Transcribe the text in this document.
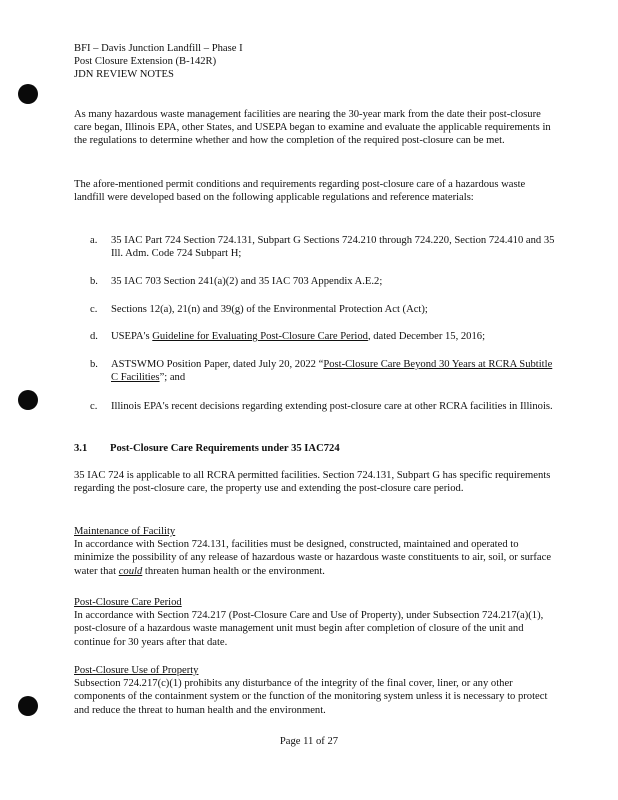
BFI – Davis Junction Landfill – Phase I
Post Closure Extension (B-142R)
JDN REVIEW NOTES
As many hazardous waste management facilities are nearing the 30-year mark from the date their post-closure care began, Illinois EPA, other States, and USEPA began to examine and evaluate the applicable requirements in the regulations to determine whether and how the completion of the required post-closure can be met.
The afore-mentioned permit conditions and requirements regarding post-closure care of a hazardous waste landfill were developed based on the following applicable regulations and reference materials:
a. 35 IAC Part 724 Section 724.131, Subpart G Sections 724.210 through 724.220, Section 724.410 and 35 Ill. Adm. Code 724 Subpart H;
b. 35 IAC 703 Section 241(a)(2) and 35 IAC 703 Appendix A.E.2;
c. Sections 12(a), 21(n) and 39(g) of the Environmental Protection Act (Act);
d. USEPA's Guideline for Evaluating Post-Closure Care Period, dated December 15, 2016;
b. ASTSWMO Position Paper, dated July 20, 2022 “Post-Closure Care Beyond 30 Years at RCRA Subtitle C Facilities”; and
c. Illinois EPA's recent decisions regarding extending post-closure care at other RCRA facilities in Illinois.
3.1 Post-Closure Care Requirements under 35 IAC724
35 IAC 724 is applicable to all RCRA permitted facilities. Section 724.131, Subpart G has specific requirements regarding the post-closure care, the property use and extending the post-closure care period.
Maintenance of Facility
In accordance with Section 724.131, facilities must be designed, constructed, maintained and operated to minimize the possibility of any release of hazardous waste or hazardous waste constituents to air, soil, or surface water that could threaten human health or the environment.
Post-Closure Care Period
In accordance with Section 724.217 (Post-Closure Care and Use of Property), under Subsection 724.217(a)(1), post-closure of a hazardous waste management unit must begin after completion of closure of the unit and continue for 30 years after that date.
Post-Closure Use of Property
Subsection 724.217(c)(1) prohibits any disturbance of the integrity of the final cover, liner, or any other components of the containment system or the function of the monitoring system unless it is necessary to protect and reduce the threat to human health and the environment.
Page 11 of 27
